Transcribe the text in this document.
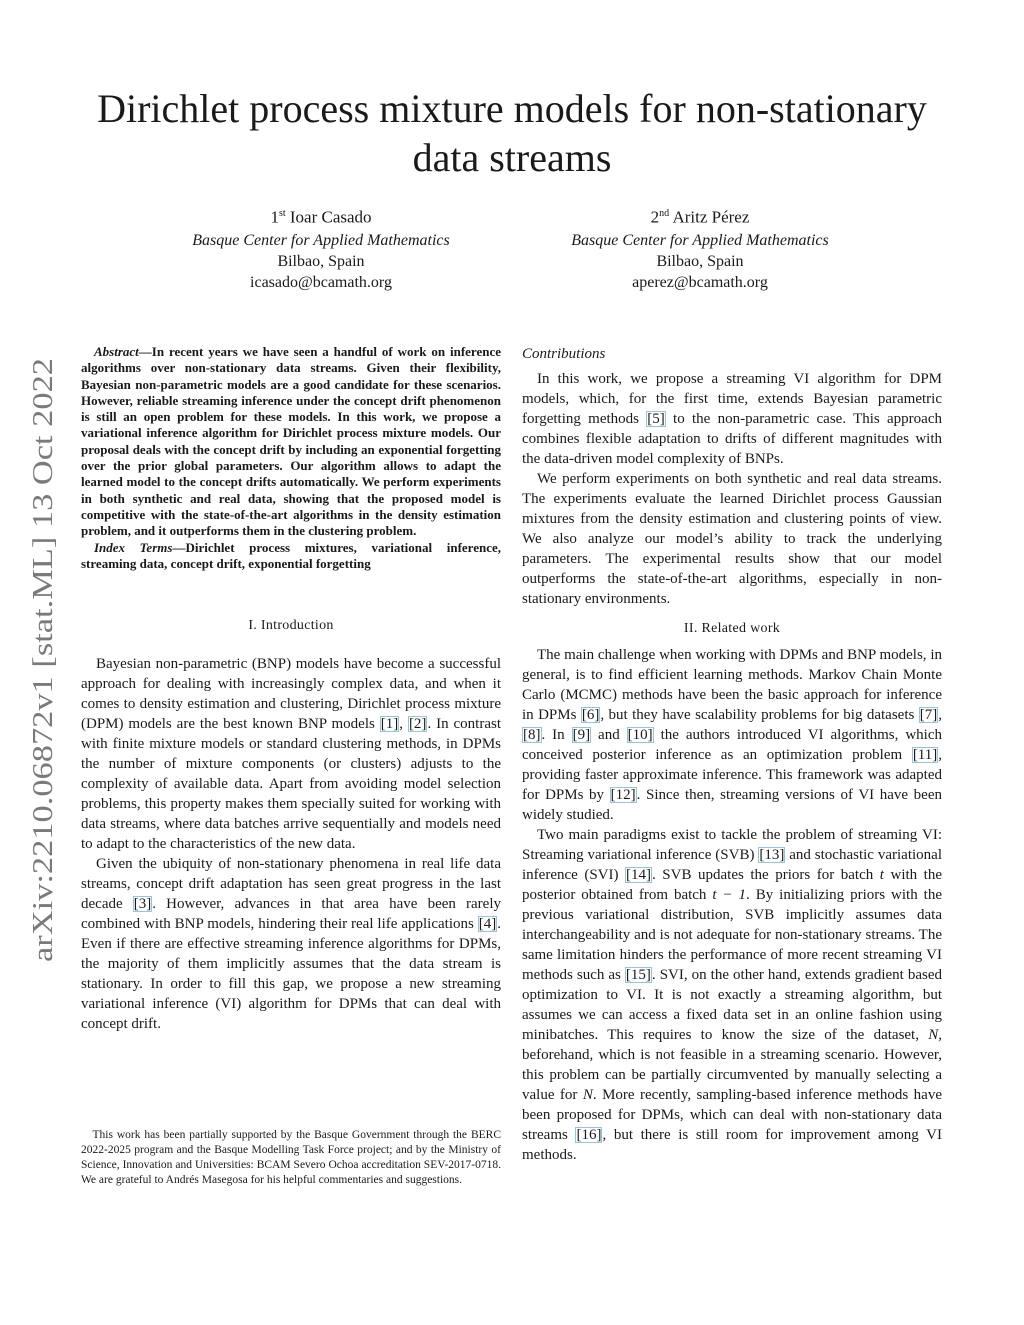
arXiv:2210.06872v1 [stat.ML] 13 Oct 2022
Dirichlet process mixture models for non-stationary
data streams
1st Ioar Casado
Basque Center for Applied Mathematics
Bilbao, Spain
icasado@bcamath.org
2nd Aritz Pérez
Basque Center for Applied Mathematics
Bilbao, Spain
aperez@bcamath.org

Abstract—In recent years we have seen a handful of work on inference algorithms over non-stationary data streams. Given their flexibility, Bayesian non-parametric models are a good candidate for these scenarios. However, reliable streaming inference under the concept drift phenomenon is still an open problem for these models. In this work, we propose a variational inference algorithm for Dirichlet process mixture models. Our proposal deals with the concept drift by including an exponential forgetting over the prior global parameters. Our algorithm allows to adapt the learned model to the concept drifts automatically. We perform experiments in both synthetic and real data, showing that the proposed model is competitive with the state-of-the-art algorithms in the density estimation problem, and it outperforms them in the clustering problem.

Index Terms—Dirichlet process mixtures, variational inference, streaming data, concept drift, exponential forgetting

I. Introduction

Bayesian non-parametric (BNP) models have become a successful approach for dealing with increasingly complex data, and when it comes to density estimation and clustering, Dirichlet process mixture (DPM) models are the best known BNP models [1], [2]. In contrast with finite mixture models or standard clustering methods, in DPMs the number of mixture components (or clusters) adjusts to the complexity of available data. Apart from avoiding model selection problems, this property makes them specially suited for working with data streams, where data batches arrive sequentially and models need to adapt to the characteristics of the new data.

Given the ubiquity of non-stationary phenomena in real life data streams, concept drift adaptation has seen great progress in the last decade [3]. However, advances in that area have been rarely combined with BNP models, hindering their real life applications [4]. Even if there are effective streaming inference algorithms for DPMs, the majority of them implicitly assumes that the data stream is stationary. In order to fill this gap, we propose a new streaming variational inference (VI) algorithm for DPMs that can deal with concept drift.

This work has been partially supported by the Basque Government through the BERC 2022-2025 program and the Basque Modelling Task Force project; and by the Ministry of Science, Innovation and Universities: BCAM Severo Ochoa accreditation SEV-2017-0718. We are grateful to Andrés Masegosa for his helpful commentaries and suggestions.

Contributions

In this work, we propose a streaming VI algorithm for DPM models, which, for the first time, extends Bayesian parametric forgetting methods [5] to the non-parametric case. This approach combines flexible adaptation to drifts of different magnitudes with the data-driven model complexity of BNPs.

We perform experiments on both synthetic and real data streams. The experiments evaluate the learned Dirichlet process Gaussian mixtures from the density estimation and clustering points of view. We also analyze our model’s ability to track the underlying parameters. The experimental results show that our model outperforms the state-of-the-art algorithms, especially in non-stationary environments.

II. Related work

The main challenge when working with DPMs and BNP models, in general, is to find efficient learning methods. Markov Chain Monte Carlo (MCMC) methods have been the basic approach for inference in DPMs [6], but they have scalability problems for big datasets [7], [8]. In [9] and [10] the authors introduced VI algorithms, which conceived posterior inference as an optimization problem [11], providing faster approximate inference. This framework was adapted for DPMs by [12]. Since then, streaming versions of VI have been widely studied.

Two main paradigms exist to tackle the problem of streaming VI: Streaming variational inference (SVB) [13] and stochastic variational inference (SVI) [14]. SVB updates the priors for batch t with the posterior obtained from batch t − 1. By initializing priors with the previous variational distribution, SVB implicitly assumes data interchangeability and is not adequate for non-stationary streams. The same limitation hinders the performance of more recent streaming VI methods such as [15]. SVI, on the other hand, extends gradient based optimization to VI. It is not exactly a streaming algorithm, but assumes we can access a fixed data set in an online fashion using minibatches. This requires to know the size of the dataset, N, beforehand, which is not feasible in a streaming scenario. However, this problem can be partially circumvented by manually selecting a value for N. More recently, sampling-based inference methods have been proposed for DPMs, which can deal with non-stationary data streams [16], but there is still room for improvement among VI methods.
